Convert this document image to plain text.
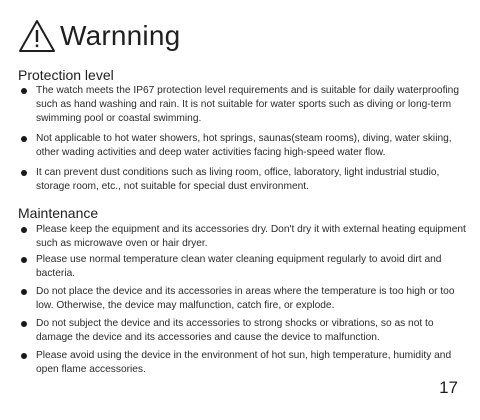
Warnning
Protection level
The watch meets the IP67 protection level requirements and is suitable for daily waterproofing such as hand washing and rain. It is not suitable for water sports such as diving or long-term swimming pool or coastal swimming.
Not applicable to hot water showers, hot springs, saunas(steam rooms), diving, water skiing, other wading activities and deep water activities facing high-speed water flow.
It can prevent dust conditions such as living room, office, laboratory, light industrial studio, storage room, etc., not suitable for special dust environment.
Maintenance
Please keep the equipment and its accessories dry. Don't dry it with external heating equipment such as microwave oven or hair dryer.
Please use normal temperature clean water cleaning equipment regularly to avoid dirt and bacteria.
Do not place the device and its accessories in areas where the temperature is too high or too low. Otherwise, the device may malfunction, catch fire, or explode.
Do not subject the device and its accessories to strong shocks or vibrations, so as not to damage the device and its accessories and cause the device to malfunction.
Please avoid using the device in the environment of hot sun, high temperature, humidity and open flame accessories.
17
